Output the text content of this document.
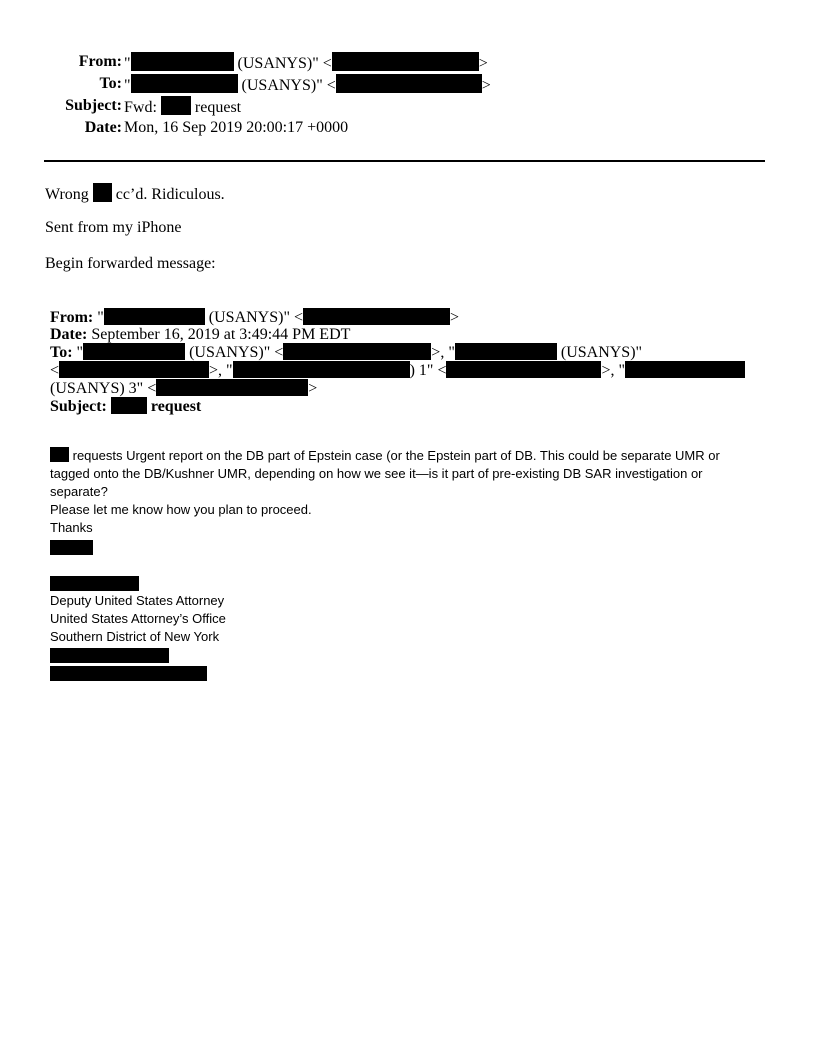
From: "	(USANYS)" <	>
To: "	(USANYS)" <	>
Subject: Fwd:  request
Date: Mon, 16 Sep 2019 20:00:17 +0000
Wrong  cc’d. Ridiculous.
Sent from my iPhone
Begin forwarded message:
From: "	(USANYS)" <	>
Date: September 16, 2019 at 3:49:44 PM EDT
To: "	(USANYS)" <	>, "	(USANYS)"
<	>, "	) 1" <	>, "
(USANYS) 3" <	>
Subject:	request
requests Urgent report on the DB part of Epstein case (or the Epstein part of DB. This could be separate UMR or
tagged onto the DB/Kushner UMR, depending on how we see it—is it part of pre-existing DB SAR investigation or
separate?
Please let me know how you plan to proceed.
Thanks
Deputy United States Attorney
United States Attorney’s Office
Southern District of New York
